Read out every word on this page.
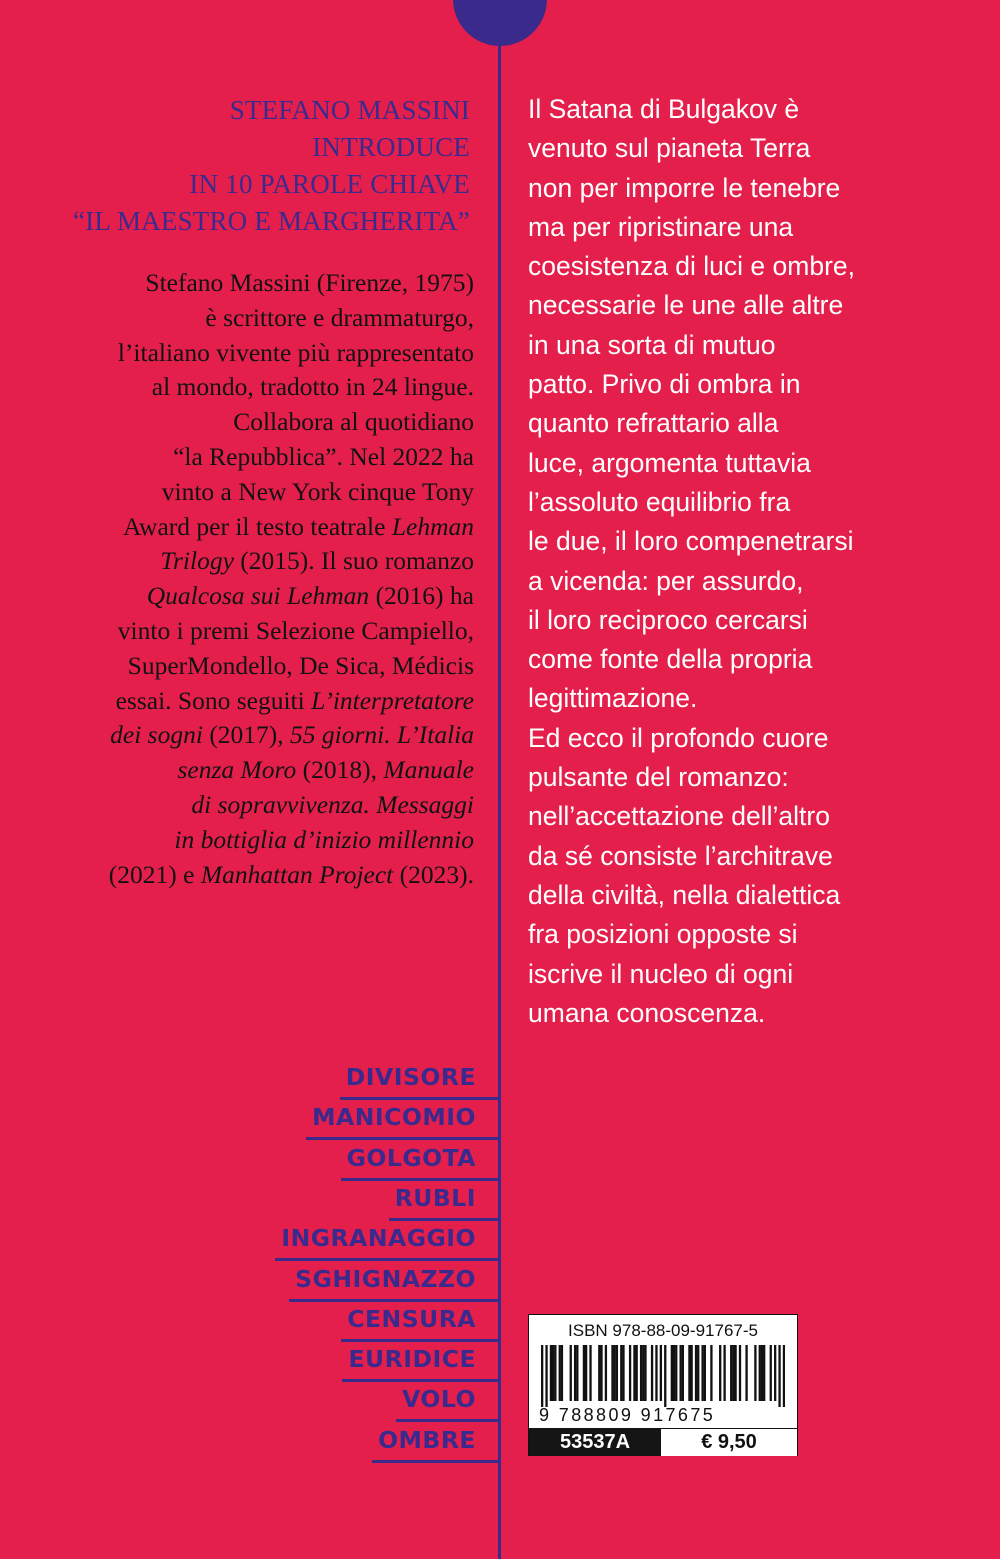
STEFANO MASSINI
INTRODUCE
IN 10 PAROLE CHIAVE
“IL MAESTRO E MARGHERITA”
Stefano Massini (Firenze, 1975)
è scrittore e drammaturgo,
l’italiano vivente più rappresentato
al mondo, tradotto in 24 lingue.
Collabora al quotidiano
“la Repubblica”. Nel 2022 ha
vinto a New York cinque Tony
Award per il testo teatrale Lehman
Trilogy (2015). Il suo romanzo
Qualcosa sui Lehman (2016) ha
vinto i premi Selezione Campiello,
SuperMondello, De Sica, Médicis
essai. Sono seguiti L’interpretatore
dei sogni (2017), 55 giorni. L’Italia
senza Moro (2018), Manuale
di sopravvivenza. Messaggi
in bottiglia d’inizio millennio
(2021) e Manhattan Project (2023).
DIVISORE
MANICOMIO
GOLGOTA
RUBLI
INGRANAGGIO
SGHIGNAZZO
CENSURA
EURIDICE
VOLO
OMBRE
Il Satana di Bulgakov è
venuto sul pianeta Terra
non per imporre le tenebre
ma per ripristinare una
coesistenza di luci e ombre,
necessarie le une alle altre
in una sorta di mutuo
patto. Privo di ombra in
quanto refrattario alla
luce, argomenta tuttavia
l’assoluto equilibrio fra
le due, il loro compenetrarsi
a vicenda: per assurdo,
il loro reciproco cercarsi
come fonte della propria
legittimazione.
Ed ecco il profondo cuore
pulsante del romanzo:
nell’accettazione dell’altro
da sé consiste l’architrave
della civiltà, nella dialettica
fra posizioni opposte si
iscrive il nucleo di ogni
umana conoscenza.
ISBN 978-88-09-91767-5
9 788809 917675
53537A	€ 9,50
